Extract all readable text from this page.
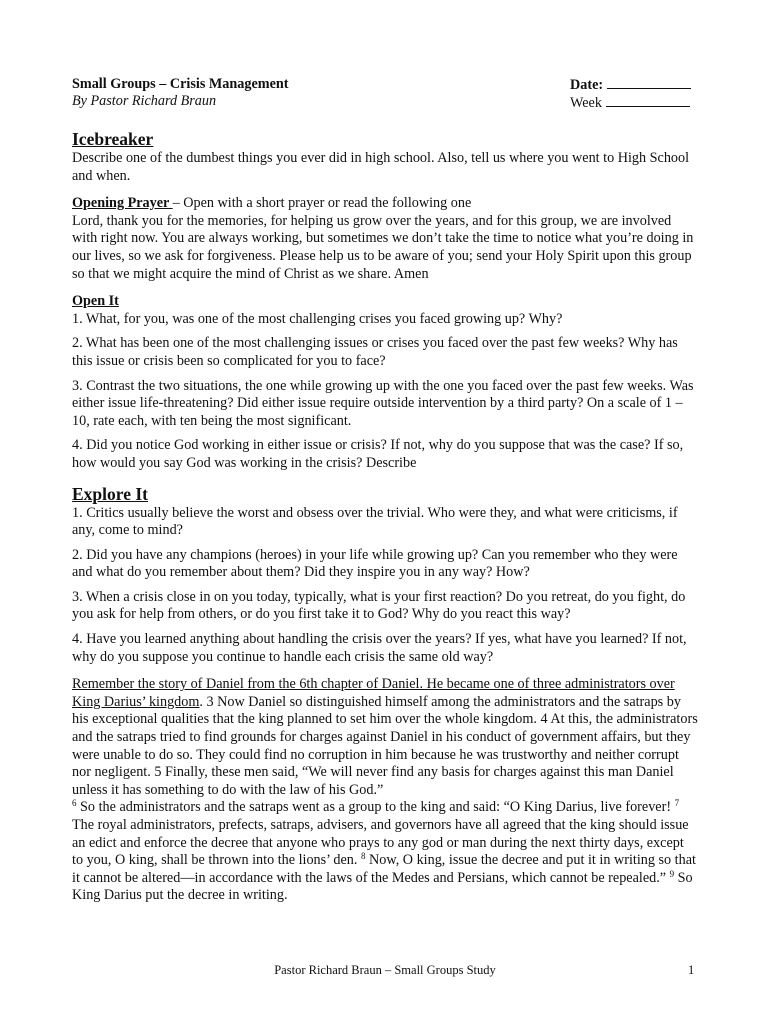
Small Groups – Crisis Management
By Pastor Richard Braun
Date:
Week
Icebreaker

Describe one of the dumbest things you ever did in high school. Also, tell us where you went to High School and when.

Opening Prayer – Open with a short prayer or read the following one

Lord, thank you for the memories, for helping us grow over the years, and for this group, we are involved with right now. You are always working, but sometimes we don’t take the time to notice what you’re doing in our lives, so we ask for forgiveness. Please help us to be aware of you; send your Holy Spirit upon this group so that we might acquire the mind of Christ as we share. Amen

Open It

1. What, for you, was one of the most challenging crises you faced growing up? Why?

2. What has been one of the most challenging issues or crises you faced over the past few weeks? Why has this issue or crisis been so complicated for you to face?

3. Contrast the two situations, the one while growing up with the one you faced over the past few weeks. Was either issue life-threatening? Did either issue require outside intervention by a third party? On a scale of 1 – 10, rate each, with ten being the most significant.

4. Did you notice God working in either issue or crisis? If not, why do you suppose that was the case? If so, how would you say God was working in the crisis? Describe

Explore It

1. Critics usually believe the worst and obsess over the trivial. Who were they, and what were criticisms, if any, come to mind?

2. Did you have any champions (heroes) in your life while growing up? Can you remember who they were and what do you remember about them? Did they inspire you in any way? How?

3. When a crisis close in on you today, typically, what is your first reaction? Do you retreat, do you fight, do you ask for help from others, or do you first take it to God? Why do you react this way?

4. Have you learned anything about handling the crisis over the years? If yes, what have you learned? If not, why do you suppose you continue to handle each crisis the same old way?

Remember the story of Daniel from the 6th chapter of Daniel. He became one of three administrators over King Darius’ kingdom. 3 Now Daniel so distinguished himself among the administrators and the satraps by his exceptional qualities that the king planned to set him over the whole kingdom. 4 At this, the administrators and the satraps tried to find grounds for charges against Daniel in his conduct of government affairs, but they were unable to do so. They could find no corruption in him because he was trustworthy and neither corrupt nor negligent. 5 Finally, these men said, “We will never find any basis for charges against this man Daniel unless it has something to do with the law of his God.”
$^6$ So the administrators and the satraps went as a group to the king and said: “O King Darius, live forever! $^7$ The royal administrators, prefects, satraps, advisers, and governors have all agreed that the king should issue an edict and enforce the decree that anyone who prays to any god or man during the next thirty days, except to you, O king, shall be thrown into the lions’ den. $^8$ Now, O king, issue the decree and put it in writing so that it cannot be altered—in accordance with the laws of the Medes and Persians, which cannot be repealed.” $^9$ So King Darius put the decree in writing.

Pastor Richard Braun – Small Groups Study	1
